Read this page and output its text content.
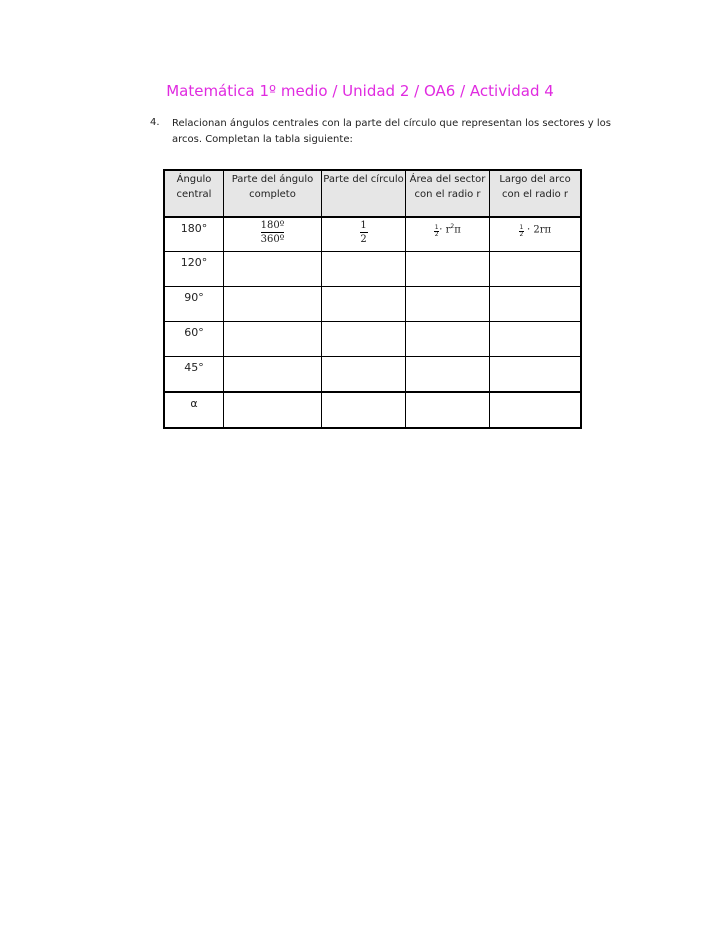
Matemática 1º medio / Unidad 2 / OA6 / Actividad 4
4. Relacionan ángulos centrales con la parte del círculo que representan los sectores y los arcos. Completan la tabla siguiente:
Ángulo central	Parte del ángulo completo	Parte del círculo	Área del sector con el radio r	Largo del arco con el radio r

180°	$\frac{\text{180º}}{\text{360º}}$	$\frac{1}{2}$	$\frac{1}{2} \cdot r^2\pi$	$\frac{1}{2} \cdot 2r\pi$

120°				

90°				

60°				

45°				

α				
